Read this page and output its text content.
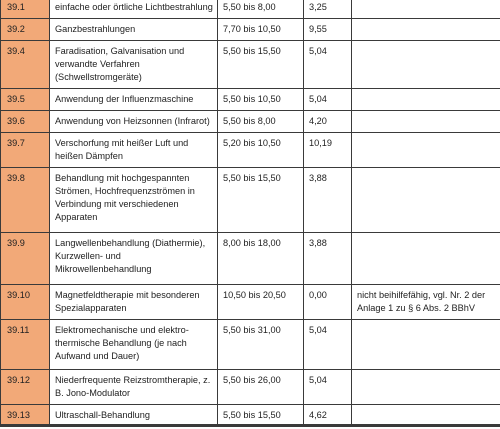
39.1	einfache oder örtliche Lichtbestrahlung	5,50 bis 8,00	3,25	
39.2	Ganzbestrahlungen	7,70 bis 10,50	9,55	
39.4	Faradisation, Galvanisation und verwandte Verfahren (Schwellstromgeräte)	5,50 bis 15,50	5,04	
39.5	Anwendung der Influenzmaschine	5,50 bis 10,50	5,04	
39.6	Anwendung von Heizsonnen (Infrarot)	5,50 bis 8,00	4,20	
39.7	Verschorfung mit heißer Luft und heißen Dämpfen	5,20 bis 10,50	10,19	
39.8	Behandlung mit hochgespannten Strömen, Hochfrequenzströmen in Verbindung mit verschiedenen Apparaten	5,50 bis 15,50	3,88	
39.9	Langwellenbehandlung (Diathermie), Kurzwellen- und Mikrowellenbehandlung	8,00 bis 18,00	3,88	
39.10	Magnetfeldtherapie mit besonderen Spezialapparaten	10,50 bis 20,50	0,00	nicht beihilfefähig, vgl. Nr. 2 der Anlage 1 zu § 6 Abs. 2 BBhV
39.11	Elektromechanische und elektro-thermische Behandlung (je nach Aufwand und Dauer)	5,50 bis 31,00	5,04	
39.12	Niederfrequente Reizstromtherapie, z. B. Jono-Modulator	5,50 bis 26,00	5,04	
39.13	Ultraschall-Behandlung	5,50 bis 15,50	4,62	
